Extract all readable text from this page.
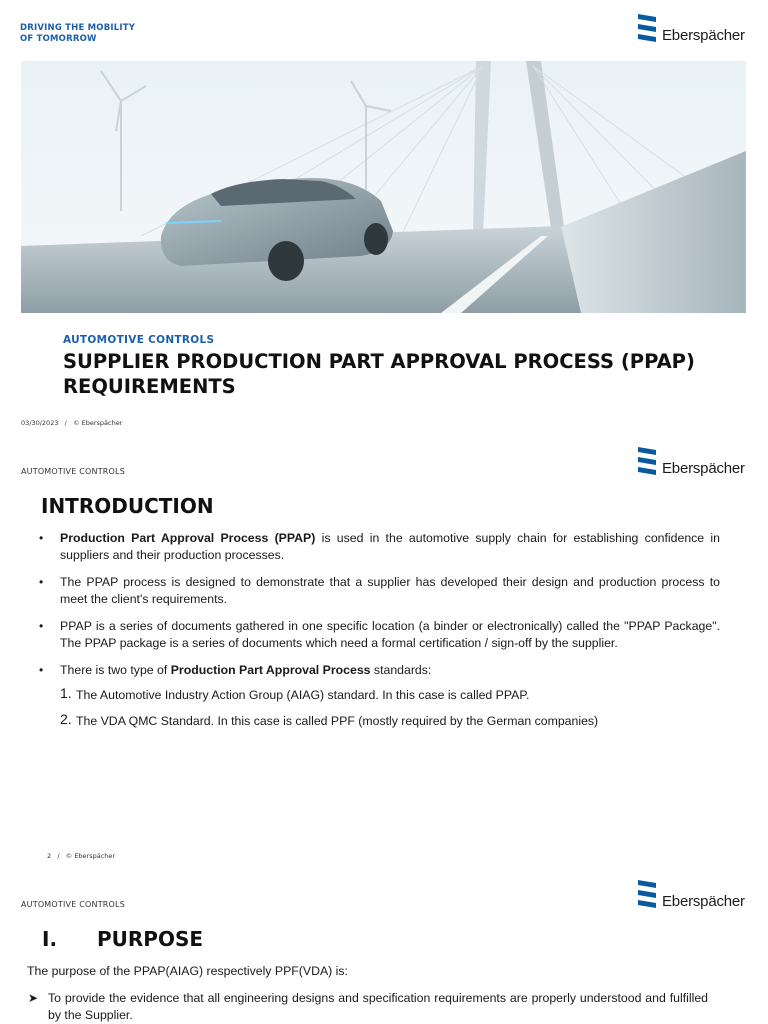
DRIVING THE MOBILITY
OF TOMORROW	Eberspächer
AUTOMOTIVE CONTROLS
SUPPLIER PRODUCTION PART APPROVAL PROCESS (PPAP)
REQUIREMENTS
03/30/2023 / © Eberspächer
AUTOMOTIVE CONTROLS	Eberspächer
INTRODUCTION
•	Production Part Approval Process (PPAP) is used in the automotive supply chain for establishing confidence in suppliers and their production processes.
•	The PPAP process is designed to demonstrate that a supplier has developed their design and production process to meet the client's requirements.
•	PPAP is a series of documents gathered in one specific location (a binder or electronically) called the "PPAP Package". The PPAP package is a series of documents which need a formal certification / sign-off by the supplier.
•	There is two type of Production Part Approval Process standards:
1. The Automotive Industry Action Group (AIAG) standard. In this case is called PPAP.
2. The VDA QMC Standard. In this case is called PPF (mostly required by the German companies)
2 / © Eberspächer
AUTOMOTIVE CONTROLS	Eberspächer
I. PURPOSE
The purpose of the PPAP(AIAG) respectively PPF(VDA) is:
➤ To provide the evidence that all engineering designs and specification requirements are properly understood and fulfilled by the Supplier.
